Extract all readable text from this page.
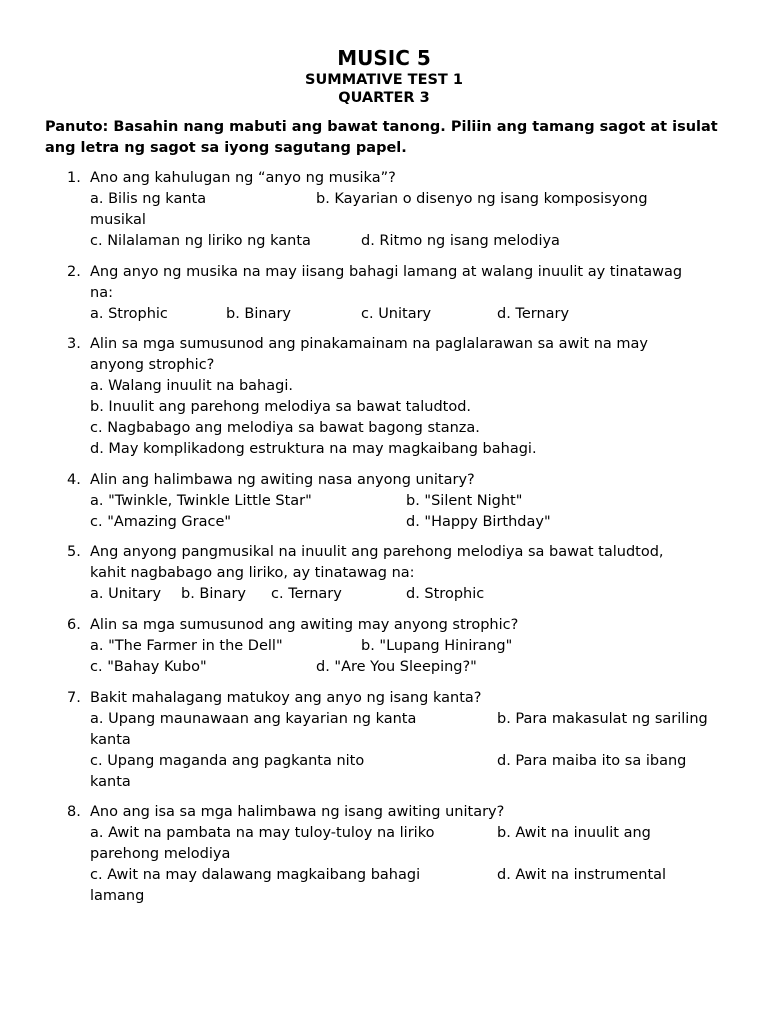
MUSIC 5
SUMMATIVE TEST 1
QUARTER 3

Panuto: Basahin nang mabuti ang bawat tanong. Piliin ang tamang sagot at isulat ang letra ng sagot sa iyong sagutang papel.

1. Ano ang kahulugan ng “anyo ng musika”?
a. Bilis ng kanta	b. Kayarian o disenyo ng isang komposisyong
musikal
c. Nilalaman ng liriko ng kanta	d. Ritmo ng isang melodiya
2. Ang anyo ng musika na may iisang bahagi lamang at walang inuulit ay tinatawag
na:
a. Strophic	b. Binary	c. Unitary	d. Ternary
3. Alin sa mga sumusunod ang pinakamainam na paglalarawan sa awit na may
anyong strophic?
a. Walang inuulit na bahagi.
b. Inuulit ang parehong melodiya sa bawat taludtod.
c. Nagbabago ang melodiya sa bawat bagong stanza.
d. May komplikadong estruktura na may magkaibang bahagi.
4. Alin ang halimbawa ng awiting nasa anyong unitary?
a. "Twinkle, Twinkle Little Star"	b. "Silent Night"
c. "Amazing Grace"	d. "Happy Birthday"
5. Ang anyong pangmusikal na inuulit ang parehong melodiya sa bawat taludtod,
kahit nagbabago ang liriko, ay tinatawag na:
a. Unitary b. Binary c. Ternary	d. Strophic
6. Alin sa mga sumusunod ang awiting may anyong strophic?
a. "The Farmer in the Dell"	b. "Lupang Hinirang"
c. "Bahay Kubo"	d. "Are You Sleeping?"
7. Bakit mahalagang matukoy ang anyo ng isang kanta?
a. Upang maunawaan ang kayarian ng kanta	b. Para makasulat ng sariling
kanta
c. Upang maganda ang pagkanta nito	d. Para maiba ito sa ibang
kanta
8. Ano ang isa sa mga halimbawa ng isang awiting unitary?
a. Awit na pambata na may tuloy-tuloy na liriko	b. Awit na inuulit ang
parehong melodiya
c. Awit na may dalawang magkaibang bahagi	d. Awit na instrumental
lamang
